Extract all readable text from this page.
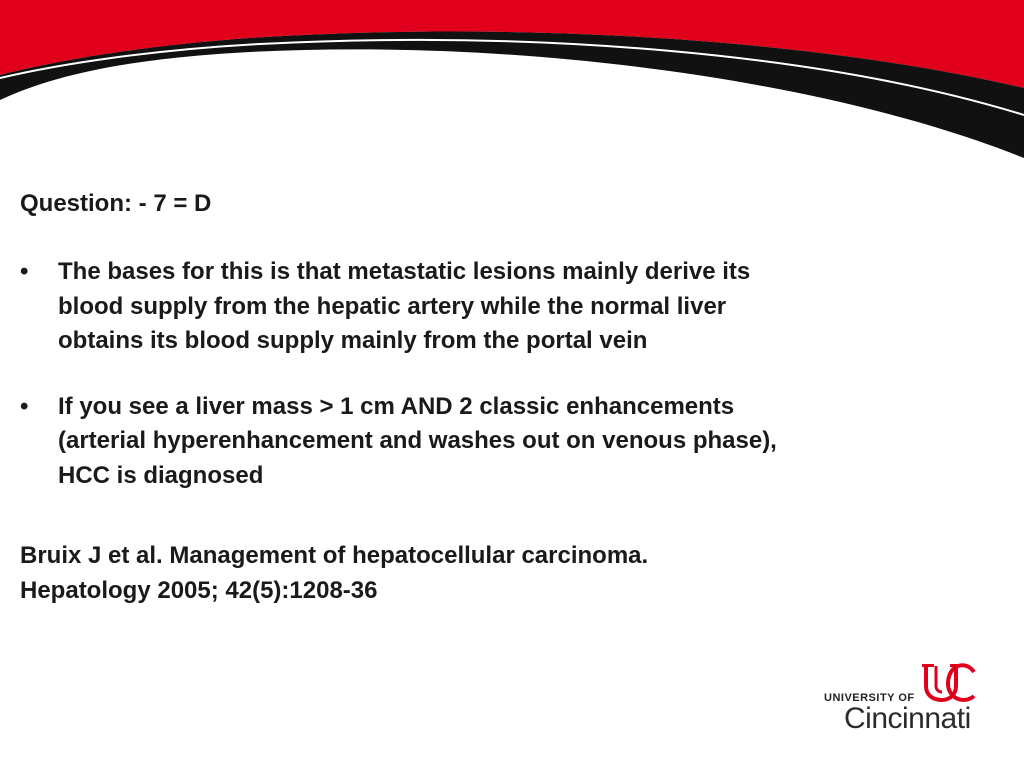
Question: - 7 = D

•	The bases for this is that metastatic lesions mainly derive its
blood supply from the hepatic artery while the normal liver
obtains its blood supply mainly from the portal vein
•	If you see a liver mass > 1 cm AND 2 classic enhancements
(arterial hyperenhancement and washes out on venous phase),
HCC is diagnosed
Bruix J et al. Management of hepatocellular carcinoma.
Hepatology 2005; 42(5):1208-36
UNIVERSITY OF
Cincinnati
